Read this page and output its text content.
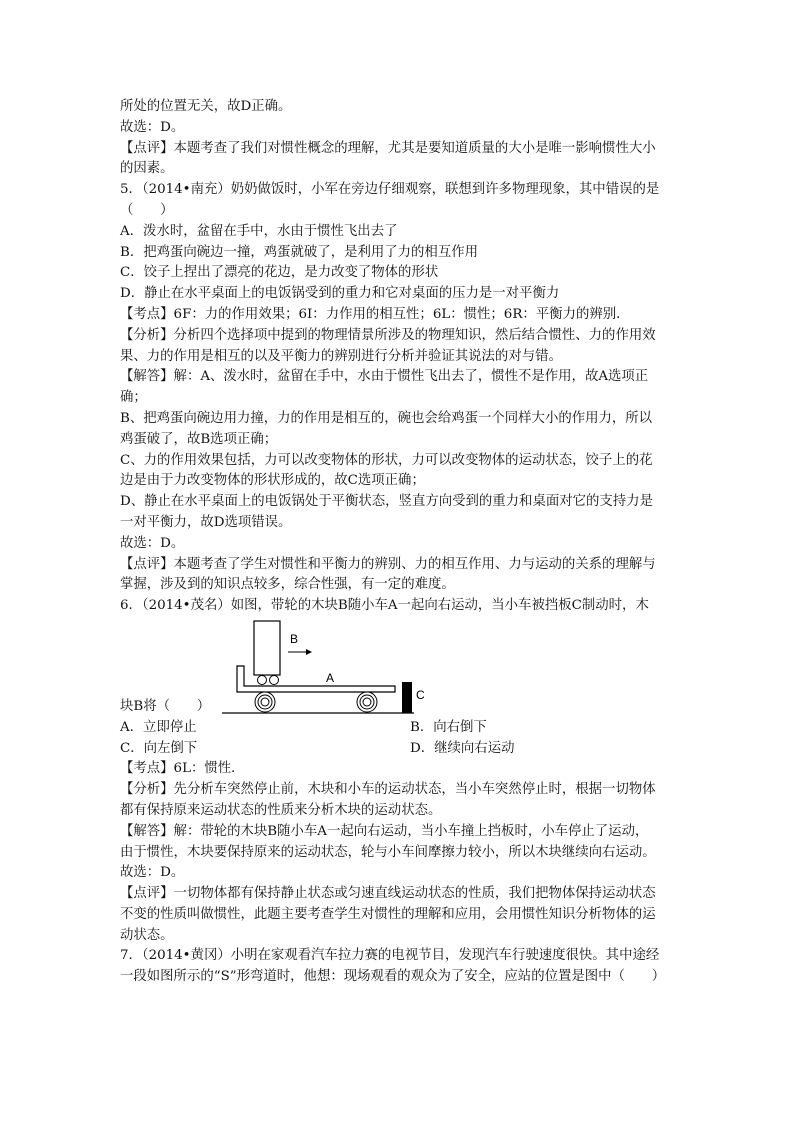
所处的位置无关，故D正确。
故选：D。
【点评】本题考查了我们对惯性概念的理解，尤其是要知道质量的大小是唯一影响惯性大小
的因素。
5．（2014•南充）奶奶做饭时，小军在旁边仔细观察，联想到许多物理现象，其中错误的是
（　　）
A．泼水时，盆留在手中，水由于惯性飞出去了
B．把鸡蛋向碗边一撞，鸡蛋就破了，是利用了力的相互作用
C．饺子上捏出了漂亮的花边，是力改变了物体的形状
D．静止在水平桌面上的电饭锅受到的重力和它对桌面的压力是一对平衡力
【考点】6F：力的作用效果；6I：力作用的相互性；6L：惯性；6R：平衡力的辨别．
【分析】分析四个选择项中提到的物理情景所涉及的物理知识，然后结合惯性、力的作用效
果、力的作用是相互的以及平衡力的辨别进行分析并验证其说法的对与错。
【解答】解：A、泼水时，盆留在手中，水由于惯性飞出去了，惯性不是作用，故A选项正
确；
B、把鸡蛋向碗边用力撞，力的作用是相互的，碗也会给鸡蛋一个同样大小的作用力，所以
鸡蛋破了，故B选项正确；
C、力的作用效果包括，力可以改变物体的形状，力可以改变物体的运动状态，饺子上的花
边是由于力改变物体的形状形成的，故C选项正确；
D、静止在水平桌面上的电饭锅处于平衡状态，竖直方向受到的重力和桌面对它的支持力是
一对平衡力，故D选项错误。
故选：D。
【点评】本题考查了学生对惯性和平衡力的辨别、力的相互作用、力与运动的关系的理解与
掌握，涉及到的知识点较多，综合性强，有一定的难度。
6．（2014•茂名）如图，带轮的木块B随小车A一起向右运动，当小车被挡板C制动时，木
块B将（　　）
A．立即停止	B．向右倒下
C．向左倒下	D．继续向右运动
【考点】6L：惯性．
【分析】先分析车突然停止前，木块和小车的运动状态，当小车突然停止时，根据一切物体
都有保持原来运动状态的性质来分析木块的运动状态。
【解答】解：带轮的木块B随小车A一起向右运动，当小车撞上挡板时，小车停止了运动，
由于惯性，木块要保持原来的运动状态，轮与小车间摩擦力较小，所以木块继续向右运动。
故选：D。
【点评】一切物体都有保持静止状态或匀速直线运动状态的性质，我们把物体保持运动状态
不变的性质叫做惯性，此题主要考查学生对惯性的理解和应用，会用惯性知识分析物体的运
动状态。
7．（2014•黄冈）小明在家观看汽车拉力赛的电视节目，发现汽车行驶速度很快。其中途经
一段如图所示的“S”形弯道时，他想：现场观看的观众为了安全，应站的位置是图中（　　）
B
A
C
